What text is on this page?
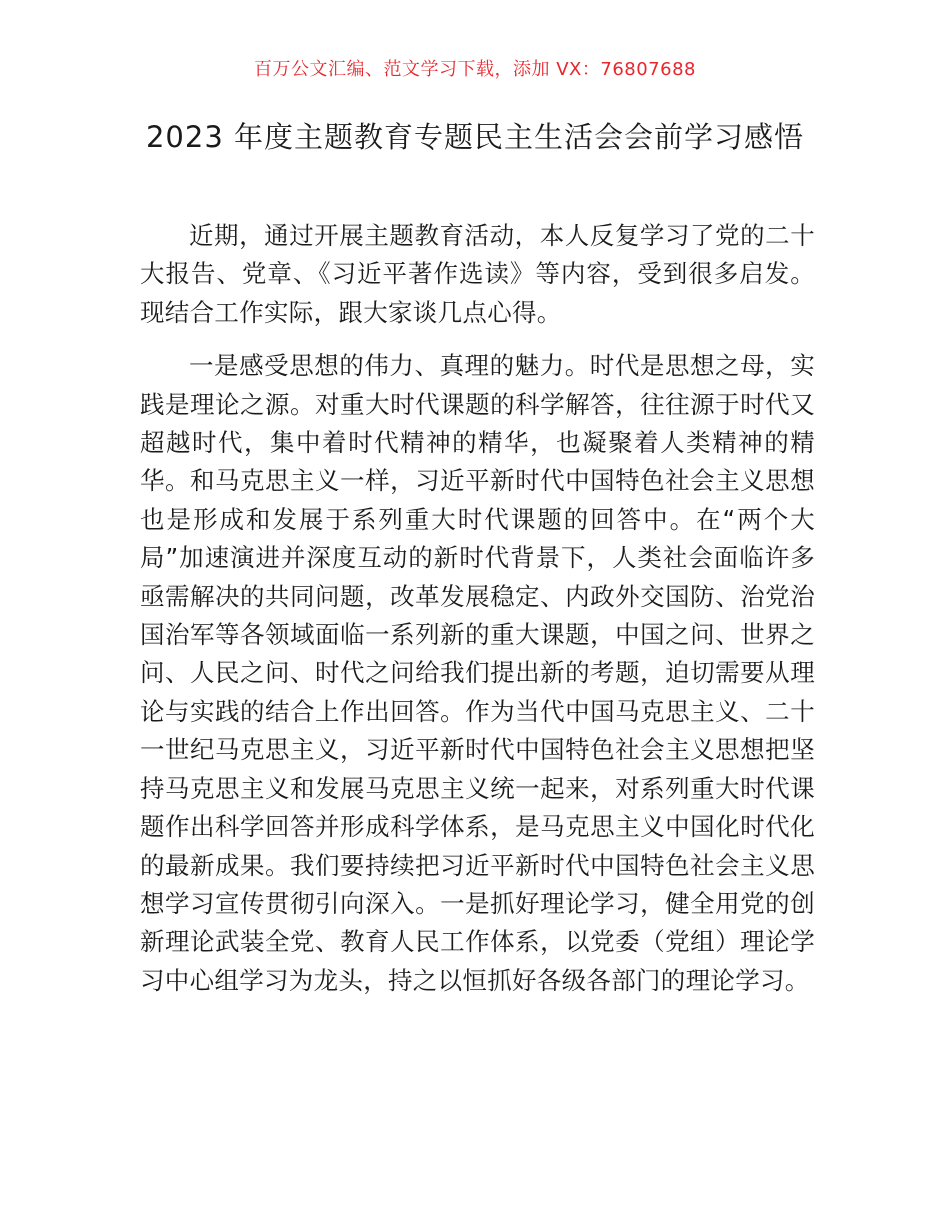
百万公文汇编、范文学习下载，添加 VX：76807688
2023 年度主题教育专题民主生活会会前学习感悟

近期，通过开展主题教育活动，本人反复学习了党的二十大报告、党章、《习近平著作选读》等内容，受到很多启发。现结合工作实际，跟大家谈几点心得。

一是感受思想的伟力、真理的魅力。时代是思想之母，实践是理论之源。对重大时代课题的科学解答，往往源于时代又超越时代，集中着时代精神的精华，也凝聚着人类精神的精华。和马克思主义一样，习近平新时代中国特色社会主义思想也是形成和发展于系列重大时代课题的回答中。在“两个大局”加速演进并深度互动的新时代背景下，人类社会面临许多亟需解决的共同问题，改革发展稳定、内政外交国防、治党治国治军等各领域面临一系列新的重大课题，中国之问、世界之问、人民之问、时代之问给我们提出新的考题，迫切需要从理论与实践的结合上作出回答。作为当代中国马克思主义、二十一世纪马克思主义，习近平新时代中国特色社会主义思想把坚持马克思主义和发展马克思主义统一起来，对系列重大时代课题作出科学回答并形成科学体系，是马克思主义中国化时代化的最新成果。我们要持续把习近平新时代中国特色社会主义思想学习宣传贯彻引向深入。一是抓好理论学习，健全用党的创新理论武装全党、教育人民工作体系，以党委（党组）理论学习中心组学习为龙头，持之以恒抓好各级各部门的理论学习。
